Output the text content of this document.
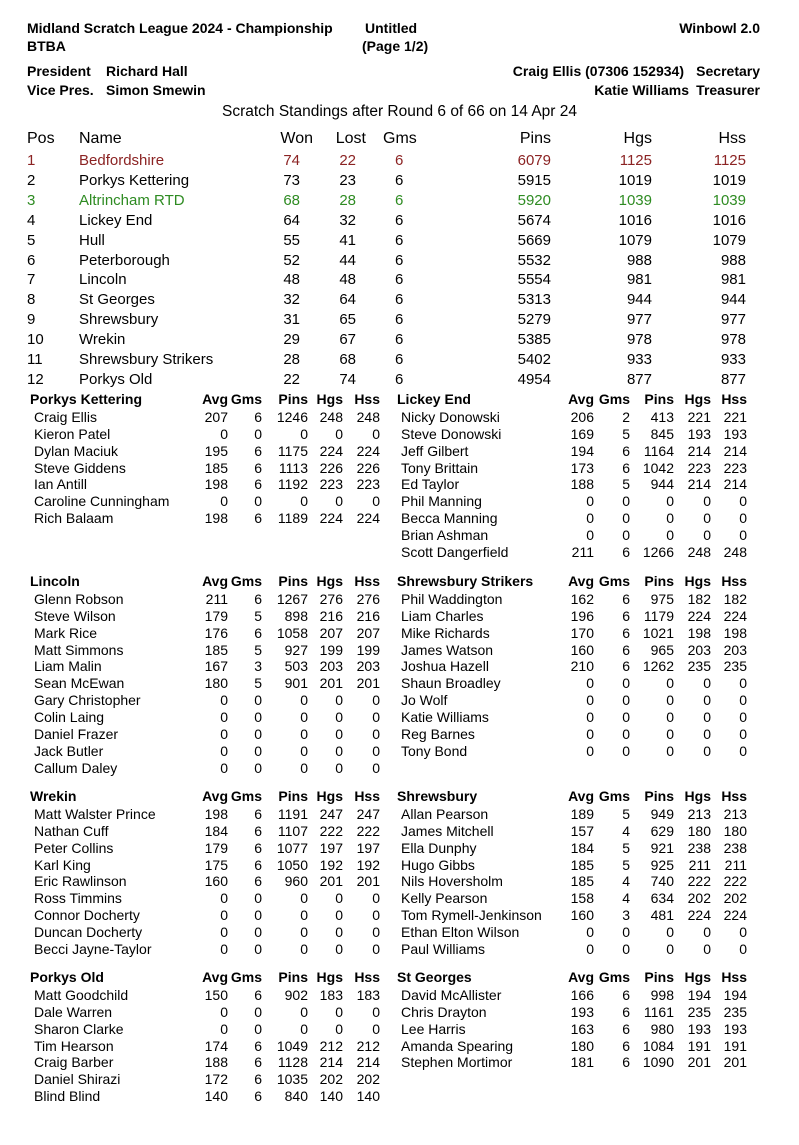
Midland Scratch League 2024 - Championship
BTBA
Untitled
(Page 1/2)
Winbowl 2.0
President Richard Hall
Vice Pres. Simon Smewin
Craig Ellis (07306 152934) Secretary
Katie Williams Treasurer
Scratch Standings after Round 6 of 66 on 14 Apr 24
Pos Name	Won Lost Gms	Pins	Hgs	Hss
1	Bedfordshire	74	22	6	6079	1125	1125
2	Porkys Kettering	73	23	6	5915	1019	1019
3	Altrincham RTD	68	28	6	5920	1039	1039
4	Lickey End	64	32	6	5674	1016	1016
5	Hull	55	41	6	5669	1079	1079
6	Peterborough	52	44	6	5532	988	988
7	Lincoln	48	48	6	5554	981	981
8	St Georges	32	64	6	5313	944	944
9	Shrewsbury	31	65	6	5279	977	977
10 Wrekin	29	67	6	5385	978	978
11 Shrewsbury Strikers	28	68	6	5402	933	933
12 Porkys Old	22	74	6	4954	877	877
Porkys Kettering	Avg Gms Pins Hgs Hss
Craig Ellis	207 6 1246 248 248
Kieron Patel	0 0	0 0 0
Dylan Maciuk	195 6 1175 224 224
Steve Giddens	185 6 1113 226 226
Ian Antill	198 6 1192 223 223
Caroline Cunningham	0 0	0 0 0
Rich Balaam	198 6 1189 224 224
Lickey End	Avg Gms Pins Hgs Hss
Nicky Donowski	206 2 413 221 221
Steve Donowski	169 5 845 193 193
Jeff Gilbert	194 6 1164 214 214
Tony Brittain	173 6 1042 223 223
Ed Taylor	188 5 944 214 214
Phil Manning	0 0	0 0 0
Becca Manning	0 0	0 0 0
Brian Ashman	0 0	0 0 0
Scott Dangerfield	211 6 1266 248 248
Lincoln	Avg Gms Pins Hgs Hss
Glenn Robson	211 6 1267 276 276
Steve Wilson	179 5 898 216 216
Mark Rice	176 6 1058 207 207
Matt Simmons	185 5 927 199 199
Liam Malin	167 3 503 203 203
Sean McEwan	180 5 901 201 201
Gary Christopher	0 0	0 0 0
Colin Laing	0 0	0 0 0
Daniel Frazer	0 0	0 0 0
Jack Butler	0 0	0 0 0
Callum Daley	0 0	0 0 0
Shrewsbury Strikers Avg Gms Pins Hgs Hss
Phil Waddington	162 6 975 182 182
Liam Charles	196 6 1179 224 224
Mike Richards	170 6 1021 198 198
James Watson	160 6 965 203 203
Joshua Hazell	210 6 1262 235 235
Shaun Broadley	0 0	0 0 0
Jo Wolf	0 0	0 0 0
Katie Williams	0 0	0 0 0
Reg Barnes	0 0	0 0 0
Tony Bond	0 0	0 0 0
Wrekin	Avg Gms Pins Hgs Hss
Matt Walster Prince	198 6 1191 247 247
Nathan Cuff	184 6 1107 222 222
Peter Collins	179 6 1077 197 197
Karl King	175 6 1050 192 192
Eric Rawlinson	160 6 960 201 201
Ross Timmins	0 0	0 0 0
Connor Docherty	0 0	0 0 0
Duncan Docherty	0 0	0 0 0
Becci Jayne-Taylor	0 0	0 0 0
Shrewsbury	Avg Gms Pins Hgs Hss
Allan Pearson	189 5 949 213 213
James Mitchell	157 4 629 180 180
Ella Dunphy	184 5 921 238 238
Hugo Gibbs	185 5 925 211 211
Nils Hoversholm	185 4 740 222 222
Kelly Pearson	158 4 634 202 202
Tom Rymell-Jenkinson 160 3 481 224 224
Ethan Elton Wilson	0 0	0 0 0
Paul Williams	0 0	0 0 0
Porkys Old	Avg Gms Pins Hgs Hss
Matt Goodchild	150 6 902 183 183
Dale Warren	0 0	0 0 0
Sharon Clarke	0 0	0 0 0
Tim Hearson	174 6 1049 212 212
Craig Barber	188 6 1128 214 214
Daniel Shirazi	172 6 1035 202 202
Blind Blind	140 6 840 140 140
St Georges	Avg Gms Pins Hgs Hss
David McAllister	166 6 998 194 194
Chris Drayton	193 6 1161 235 235
Lee Harris	163 6 980 193 193
Amanda Spearing	180 6 1084 191 191
Stephen Mortimor	181 6 1090 201 201
